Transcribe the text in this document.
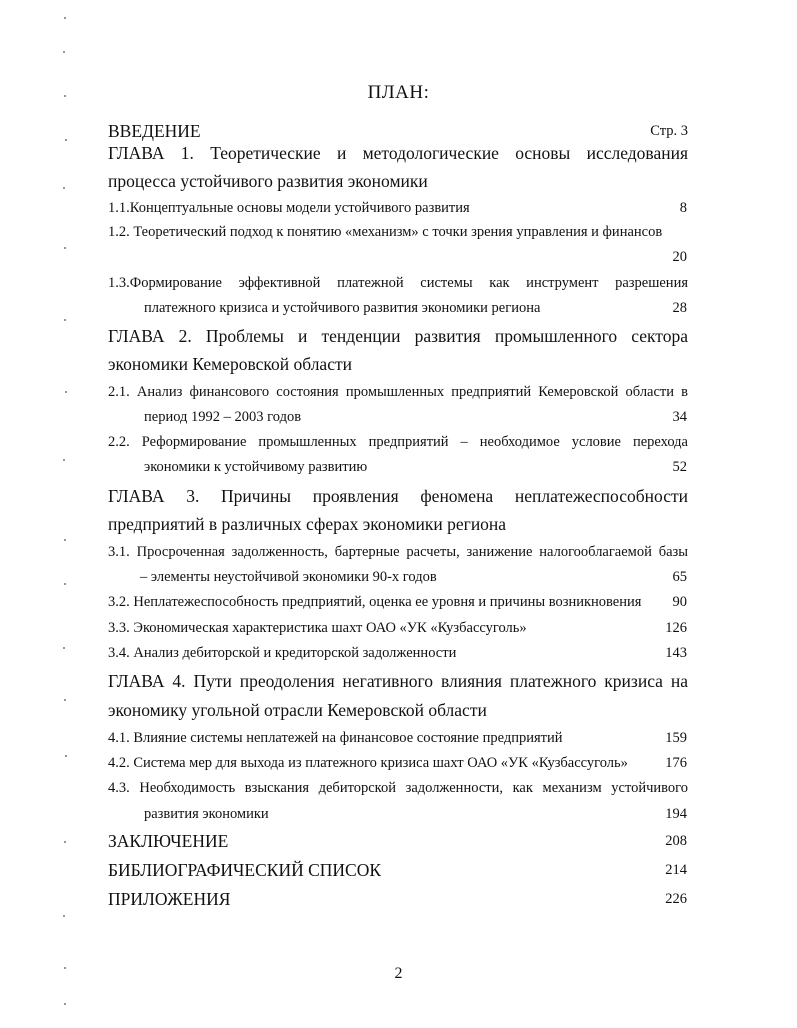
ПЛАН:
ВВЕДЕНИЕ	Стр. 3
ГЛАВА 1. Теоретические и методологические основы исследования
процесса устойчивого развития экономики
1.1.Концептуальные основы модели устойчивого развития	8
1.2. Теоретический подход к понятию «механизм» с точки зрения управления и финансов
20
1.3.Формирование эффективной платежной системы как инструмент разрешения
платежного кризиса и устойчивого развития экономики региона	28
ГЛАВА 2. Проблемы и тенденции развития промышленного сектора
экономики Кемеровской области
2.1. Анализ финансового состояния промышленных предприятий Кемеровской области в
период 1992 – 2003 годов	34
2.2. Реформирование промышленных предприятий – необходимое условие перехода
экономики к устойчивому развитию	52
ГЛАВА 3. Причины проявления феномена неплатежеспособности
предприятий в различных сферах экономики региона
3.1. Просроченная задолженность, бартерные расчеты, занижение налогооблагаемой базы
– элементы неустойчивой экономики 90-х годов	65
3.2. Неплатежеспособность предприятий, оценка ее уровня и причины возникновения 90
3.3. Экономическая характеристика шахт ОАО «УК «Кузбассуголь»	126
3.4. Анализ дебиторской и кредиторской задолженности	143
ГЛАВА 4. Пути преодоления негативного влияния платежного кризиса на
экономику угольной отрасли Кемеровской области
4.1. Влияние системы неплатежей на финансовое состояние предприятий	159
4.2. Система мер для выхода из платежного кризиса шахт ОАО «УК «Кузбассуголь»	176
4.3. Необходимость взыскания дебиторской задолженности, как механизм устойчивого
развития экономики	194
ЗАКЛЮЧЕНИЕ	208
БИБЛИОГРАФИЧЕСКИЙ СПИСОК	214
ПРИЛОЖЕНИЯ	226
2
